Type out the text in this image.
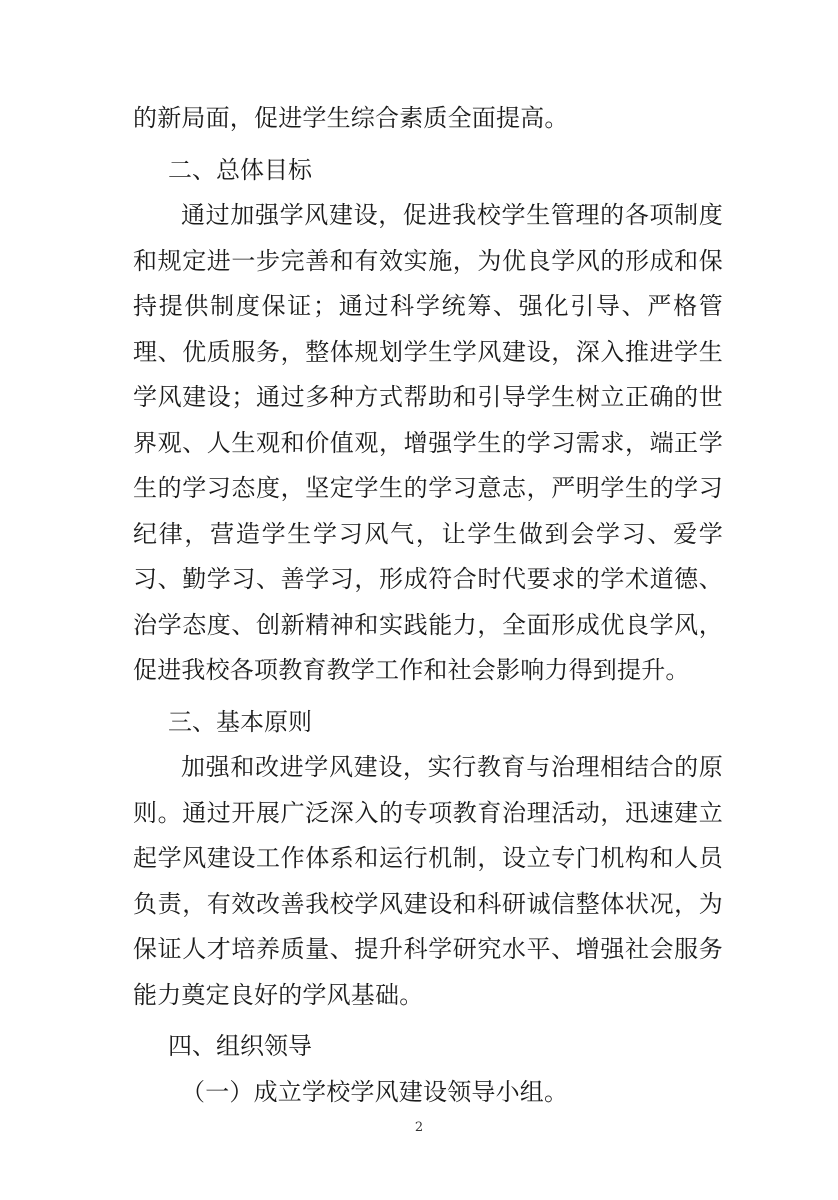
的新局面，促进学生综合素质全面提高。

二、总体目标

通过加强学风建设，促进我校学生管理的各项制度和规定进一步完善和有效实施，为优良学风的形成和保持提供制度保证；通过科学统筹、强化引导、严格管理、优质服务，整体规划学生学风建设，深入推进学生学风建设；通过多种方式帮助和引导学生树立正确的世界观、人生观和价值观，增强学生的学习需求，端正学生的学习态度，坚定学生的学习意志，严明学生的学习纪律，营造学生学习风气，让学生做到会学习、爱学习、勤学习、善学习，形成符合时代要求的学术道德、治学态度、创新精神和实践能力，全面形成优良学风，促进我校各项教育教学工作和社会影响力得到提升。

三、基本原则

加强和改进学风建设，实行教育与治理相结合的原则。通过开展广泛深入的专项教育治理活动，迅速建立起学风建设工作体系和运行机制，设立专门机构和人员负责，有效改善我校学风建设和科研诚信整体状况，为保证人才培养质量、提升科学研究水平、增强社会服务能力奠定良好的学风基础。

四、组织领导

（一）成立学校学风建设领导小组。

2
